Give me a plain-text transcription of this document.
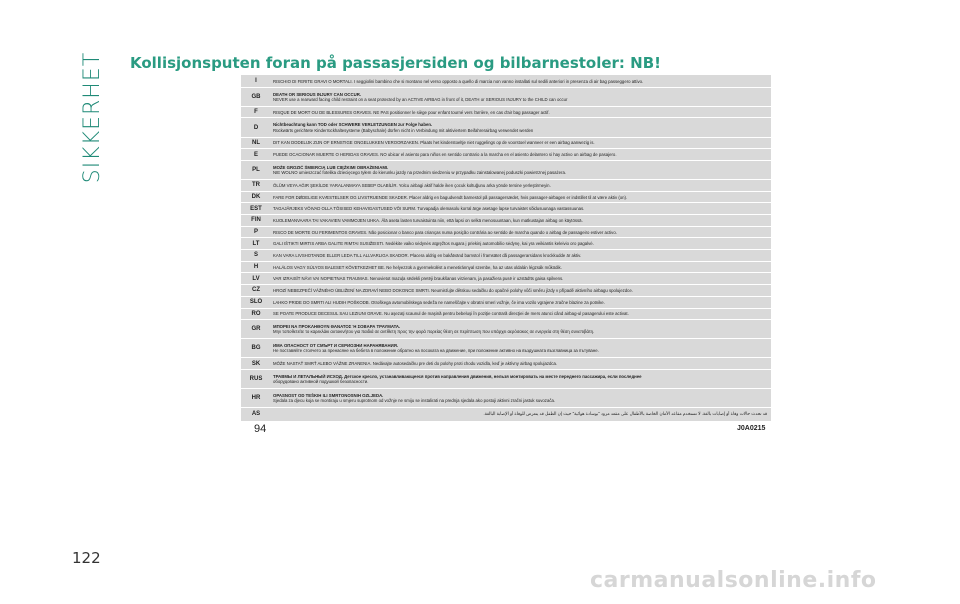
SIKKERHET Kollisjonsputen foran på passasjersiden og bilbarnestoler: NB!
I	RISCHIO DI FERITE GRAVI O MORTALI. I seggiolini bambino che si montano nel verso opposto a quello di marcia non vanno installati sul sedili anteriori in presenza di air bag passeggero attivo.
GB	DEATH OR SERIOUS INJURY CAN OCCUR.
NEVER use a rearward facing child restraint on a seat protected by an ACTIVE AIRBAG in front of it, DEATH or SERIOUS INJURY to the CHILD can occur
F	RISQUE DE MORT OU DE BLESSURES GRAVES. NE PAS positionner le siège pour enfant tourné vers l'arrière, en cas d'air bag passager actif.
D	Nichtbeachtung kann TOD oder SCHWERE VERLETZUNGEN zur Folge haben.
Rückwärts gerichtete Kinderrückhaltesysteme (Babyschale) dürfen nicht in Verbindung mit aktiviertem Beifahrerairbag verwendet werden
NL	DIT KAN DODELIJK ZIJN OF ERNSTIGE ONGELUKKEN VEROORZAKEN. Plaats het kinderstoeltje niet ruggelings op de voorstoel wanneer er een airbag aanwezig is.
E	PUEDE OCACIONAR MUERTE O HERIDAS GRAVES. NO ubicar el asiento para niños en sentido contrario a la marcha en el asiento delantero si hay activo un airbag de pasajero.
PL	MOŻE GROZIĆ ŚMIERCIĄ LUB CIĘŻKIMI OBRAŻENIAMI.
NIE WOLNO umieszczać fotelika dziecięcego tyłem do kierunku jazdy na przednim siedzeniu w przypadku zainstalowanej poduszki powietrznej pasażera.
TR	ÖLÜM VEYA AĞIR ŞEKİLDE YARALANMAYA SEBEP OLABİLİR. Yolcu airbagi aktif halde iken çocuk koltuğunu arka yönde tersine yerleştirmeyin.
DK	FARE FOR DØDELIGE KVÆSTELSER OG LIVSTRUENDE SKADER. Placer aldrig en bagudvendt barnestol på passagersædet, hvis passager-airbagen er indstillet til at være aktiv (on).
EST	TAGAJÄRJEKS VÕIVAD OLLA TÕSISED KEHAVIGASTUSED VÕI SURM. Turvapadja olemasolu korral ärge asetage lapse turvaistet sõidusuunaga vastassuunas.
FIN	KUOLEMANVAARA TAI VAKAVIEN VAMMOJEN UHKA. Älä aseta lasten turvaistuinta niin, että lapsi on selkä menosuuntaan, kun matkustajan airbag on käytössä.
P	RISCO DE MORTE OU FERIMENTOS GRAVES. Não posicionar o banco para crianças numa posição contrária ao sentido de marcha quando o airbag de passageiro estiver activo.
LT	GALI IŠTIKTI MIRTIS ARBA GALITE RIMTAI SUSIŽEISTI. Nedėkite vaiko sėdynės atgręžtos nugara į priekinį automobilio sėdynę, kai yra veikiantis keleivio oro pagalvė.
S	KAN VARA LIVSHOTANDE ELLER LEDA TILL ALLVARLIGA SKADOR. Placera aldrig en bakåtvänd barnstol i framsätet då passagerarsidans krockkudde är aktiv.
H	HALÁLOS VAGY SÚLYOS BALESET KÖVETKEZHET BE. Ne helyezzük a gyermekülést a menetiránnyal szembe, ha az utas oldalán légzsák működik.
LV	VAR IZRAISĪT NĀVI VAI NOPIETNAS TRAUMAS. Nenovietot mazuļa sēdekli pretēji braukšanas virzienam, ja pasažiera pusē ir uzstādīts gaisa spilvens.
CZ	HROZÍ NEBEZPEČÍ VÁŽNÉHO ÚBLIŽENÍ NA ZDRAVÍ NEBO DOKONCE SMRTI. Neumisťujte dětskou sedačku do opačné polohy vůči směru jízdy v případě aktivního airbagu spolujezdce.
SLO	LAHKO PRIDE DO SMRTI ALI HUDIH POŠKODB. Otroškega avtomobilskega sedeža ne nameščajte v obratni smeri vožnje, če ima vozilo vgrajene zračne blazine za potnike.
RO	SE POATE PRODUCE DECESUL SAU LEZIUNI GRAVE. Nu aşezaţi scaunul de maşină pentru bebeluşi în poziţie contrară direcţiei de mers atunci când airbag-ul pasagerului este activat.
GR	ΜΠΟΡΕΙ ΝΑ ΠΡΟΚΛΗΘΟΥΝ ΘΑΝΑΤΟΣ Ή ΣΟΒΑΡΑ ΤΡΑΥΜΑΤΑ.
Μην τοποθετείτε το καρεκλάκι αυτοκινήτου για παιδιά σε αντίθετη προς την φορά πορείας θέση σε περίπτωση που υπάρχει αερόσακος σε ενεργεία στη θέση συνεπιβάτη.
BG	ИМА ОПАСНОСТ ОТ СМЪРТ И СЕРИОЗНИ НАРАНЯВАНИЯ.
Не поставяйте столчето за пренасяне на бебета в положение обратно на посоката на движение, при положение активно на въздушната възглавница за пътуване.
SK	MÔŽE NASTAŤ SMRŤ ALEBO VÁŽNE ZRANENIA. Nedávajte autosedačku pre deti do polohy proti chodu vozidla, keď je aktívny airbag spolujazdca.
RUS	ТРАВМЫ И ЛЕТАЛЬНЫЙ ИСХОД. Детское кресло, устанавливающееся против направления движения, нельзя монтировать на месте переднего пассажира, если последнее
оборудовано активной подушкой безопасности.
HR	OPASNOST OD TEŠKIH ILI SMRTONOSNIH OZLJEDA.
Sjedala za djecu koja se montiraju u smjeru suprotnom od vožnje ne smiju se instalirati na prednja sjedala ako postoji aktivni zračni jastuk suvozača.
AS	قد تحدث حالات وفاة أو إصابات بالغة. لا تستخدم مقاعد الأمان الخاصة بالأطفال على مقعد مزود "بوسادة هوائية" حيث إن الطفل قد يتعرض للوفاة أو الإصابة البالغة.
94	J0A0215
122
carmanualsonline.info
